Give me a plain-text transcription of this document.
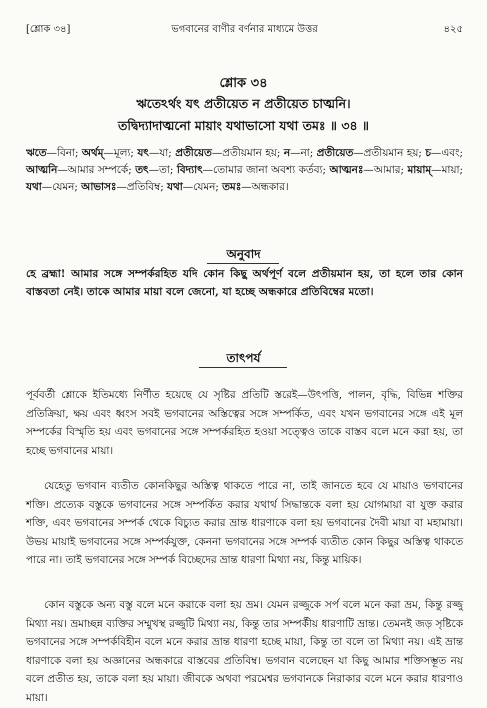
[শ্লোক ৩৪]	ভগবানের বাণীর বর্ণনার মাধ্যমে উত্তর	৪২৫
শ্লোক ৩৪
ঋতেঽর্থং যৎ প্রতীয়েত ন প্রতীয়েত চাত্মনি।
তদ্বিদ্যাদাত্মনো মায়াং যথাভাসো যথা তমঃ ॥ ৩৪ ॥
ঋতে—বিনা; অর্থম্—মূল্য; যৎ—যা; প্রতীয়েত—প্রতীয়মান হয়; ন—না; প্রতীয়েত—প্রতীয়মান হয়; চ—এবং; আত্মনি—আমার সম্পর্কে; তৎ—তা; বিদ্যাৎ—তোমার জানা অবশ্য কর্তব্য; আত্মনঃ—আমার; মায়াম্—মায়া; যথা—যেমন; আভাসঃ—প্রতিবিম্ব; যথা—যেমন; তমঃ—অন্ধকার।
অনুবাদ
হে ব্রহ্মা! আমার সঙ্গে সম্পর্করহিত যদি কোন কিছু অর্থপূর্ণ বলে প্রতীয়মান হয়, তা হলে তার কোন বাস্তবতা নেই। তাকে আমার মায়া বলে জেনো, যা হচ্ছে অন্ধকারে প্রতিবিম্বের মতো।
তাৎপর্য
পূর্ববর্তী শ্লোকে ইতিমধ্যে নির্ণীত হয়েছে যে সৃষ্টির প্রতিটি স্তরেই—উৎপত্তি, পালন, বৃদ্ধি, বিভিন্ন শক্তির প্রতিক্রিয়া, ক্ষয় এবং ধ্বংস সবই ভগবানের অস্তিত্বের সঙ্গে সম্পর্কিত, এবং যখন ভগবানের সঙ্গে এই মূল সম্পর্কের বিস্মৃতি হয় এবং ভগবানের সঙ্গে সম্পর্করহিত হওয়া সত্ত্বেও তাকে বাস্তব বলে মনে করা হয়, তা হচ্ছে ভগবানের মায়া।
যেহেতু ভগবান ব্যতীত কোনকিছুর অস্তিত্ব থাকতে পারে না, তাই জানতে হবে যে মায়াও ভগবানের শক্তি। প্রত্যেক বস্তুকে ভগবানের সঙ্গে সম্পর্কিত করার যথার্থ সিদ্ধান্তকে বলা হয় যোগমায়া বা যুক্ত করার শক্তি, এবং ভগবানের সম্পর্ক থেকে বিচ্যুত করার ভ্রান্ত ধারণাকে বলা হয় ভগবানের দৈবী মায়া বা মহামায়া। উভয় মায়াই ভগবানের সঙ্গে সম্পর্কযুক্ত, কেননা ভগবানের সঙ্গে সম্পর্ক ব্যতীত কোন কিছুর অস্তিত্ব থাকতে পারে না। তাই ভগবানের সঙ্গে সম্পর্ক বিচ্ছেদের ভ্রান্ত ধারণা মিথ্যা নয়, কিন্তু মায়িক।
কোন বস্তুকে অন্য বস্তু বলে মনে করাকে বলা হয় ভ্রম। যেমন রজ্জুকে সর্প বলে মনে করা ভ্রম, কিন্তু রজ্জু মিথ্যা নয়। ভ্রমাচ্ছন্ন ব্যক্তির সম্মুখস্থ রজ্জুটি মিথ্যা নয়, কিন্তু তার সম্পর্কীয় ধারণাটি ভ্রান্ত। তেমনই জড় সৃষ্টিকে ভগবানের সঙ্গে সম্পর্কবিহীন বলে মনে করার ভ্রান্ত ধারণা হচ্ছে মায়া, কিন্তু তা বলে তা মিথ্যা নয়। এই ভ্রান্ত ধারণাকে বলা হয় অজ্ঞানের অন্ধকারে বাস্তবের প্রতিবিম্ব। ভগবান বলেছেন যা কিছু আমার শক্তিসম্ভূত নয় বলে প্রতীত হয়, তাকে বলা হয় মায়া। জীবকে অথবা পরমেশ্বর ভগবানকে নিরাকার বলে মনে করার ধারণাও মায়া।
